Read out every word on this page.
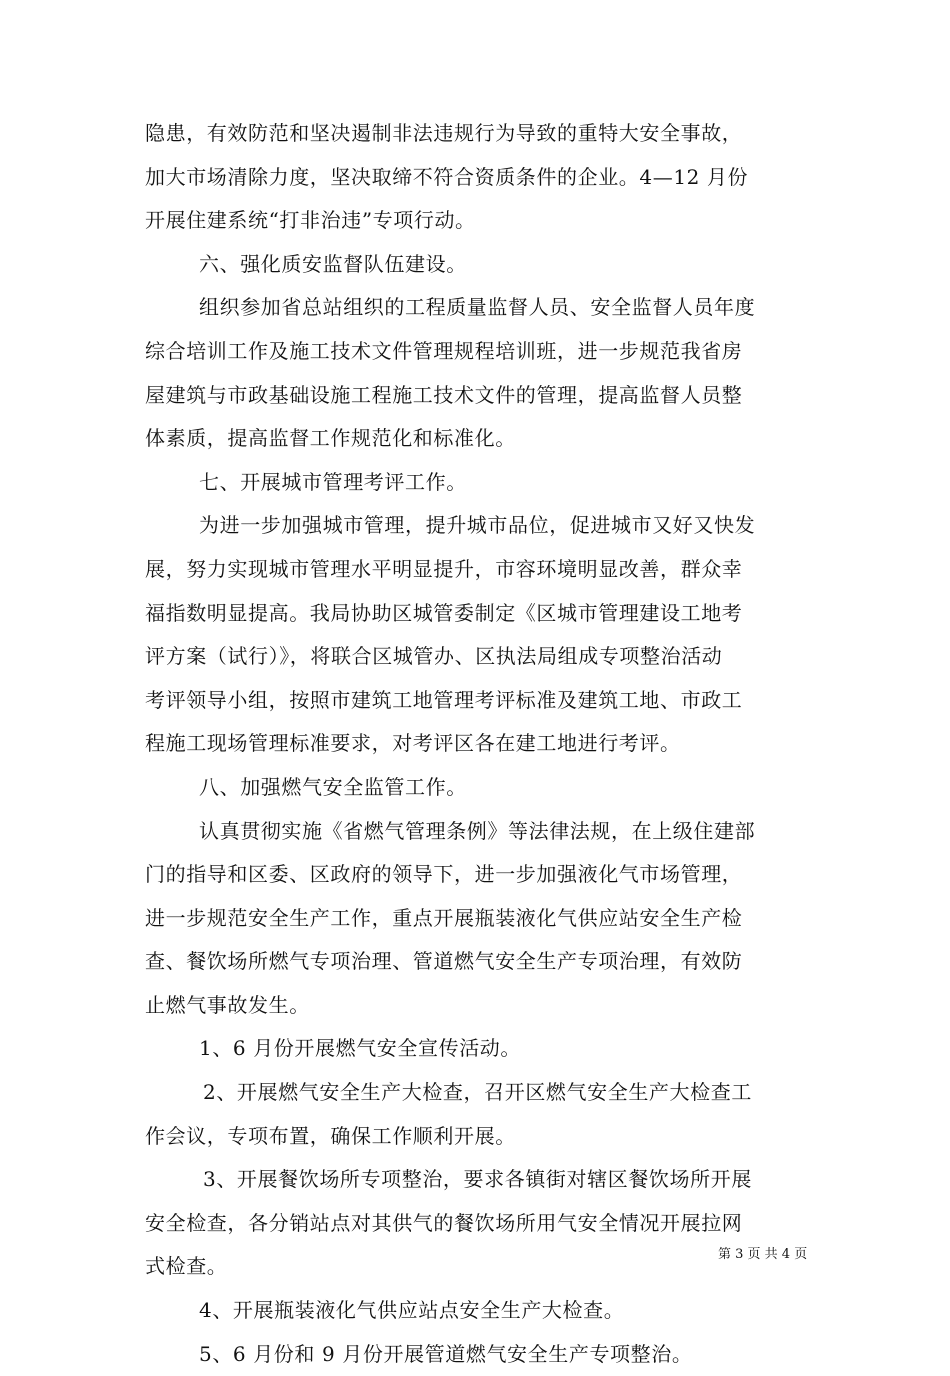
隐患，有效防范和坚决遏制非法违规行为导致的重特大安全事故，
加大市场清除力度，坚决取缔不符合资质条件的企业。4—12 月份
开展住建系统“打非治违”专项行动。
六、强化质安监督队伍建设。
组织参加省总站组织的工程质量监督人员、安全监督人员年度
综合培训工作及施工技术文件管理规程培训班，进一步规范我省房
屋建筑与市政基础设施工程施工技术文件的管理，提高监督人员整
体素质，提高监督工作规范化和标准化。
七、开展城市管理考评工作。
为进一步加强城市管理，提升城市品位，促进城市又好又快发
展，努力实现城市管理水平明显提升，市容环境明显改善，群众幸
福指数明显提高。我局协助区城管委制定《区城市管理建设工地考
评方案（试行）》，将联合区城管办、区执法局组成专项整治活动
考评领导小组，按照市建筑工地管理考评标准及建筑工地、市政工
程施工现场管理标准要求，对考评区各在建工地进行考评。
八、加强燃气安全监管工作。
认真贯彻实施《省燃气管理条例》等法律法规，在上级住建部
门的指导和区委、区政府的领导下，进一步加强液化气市场管理，
进一步规范安全生产工作，重点开展瓶装液化气供应站安全生产检
查、餐饮场所燃气专项治理、管道燃气安全生产专项治理，有效防
止燃气事故发生。
1、6 月份开展燃气安全宣传活动。
2、开展燃气安全生产大检查，召开区燃气安全生产大检查工
作会议，专项布置，确保工作顺利开展。
3、开展餐饮场所专项整治，要求各镇街对辖区餐饮场所开展
安全检查，各分销站点对其供气的餐饮场所用气安全情况开展拉网
式检查。
4、开展瓶装液化气供应站点安全生产大检查。
5、6 月份和 9 月份开展管道燃气安全生产专项整治。
第 3 页 共 4 页
